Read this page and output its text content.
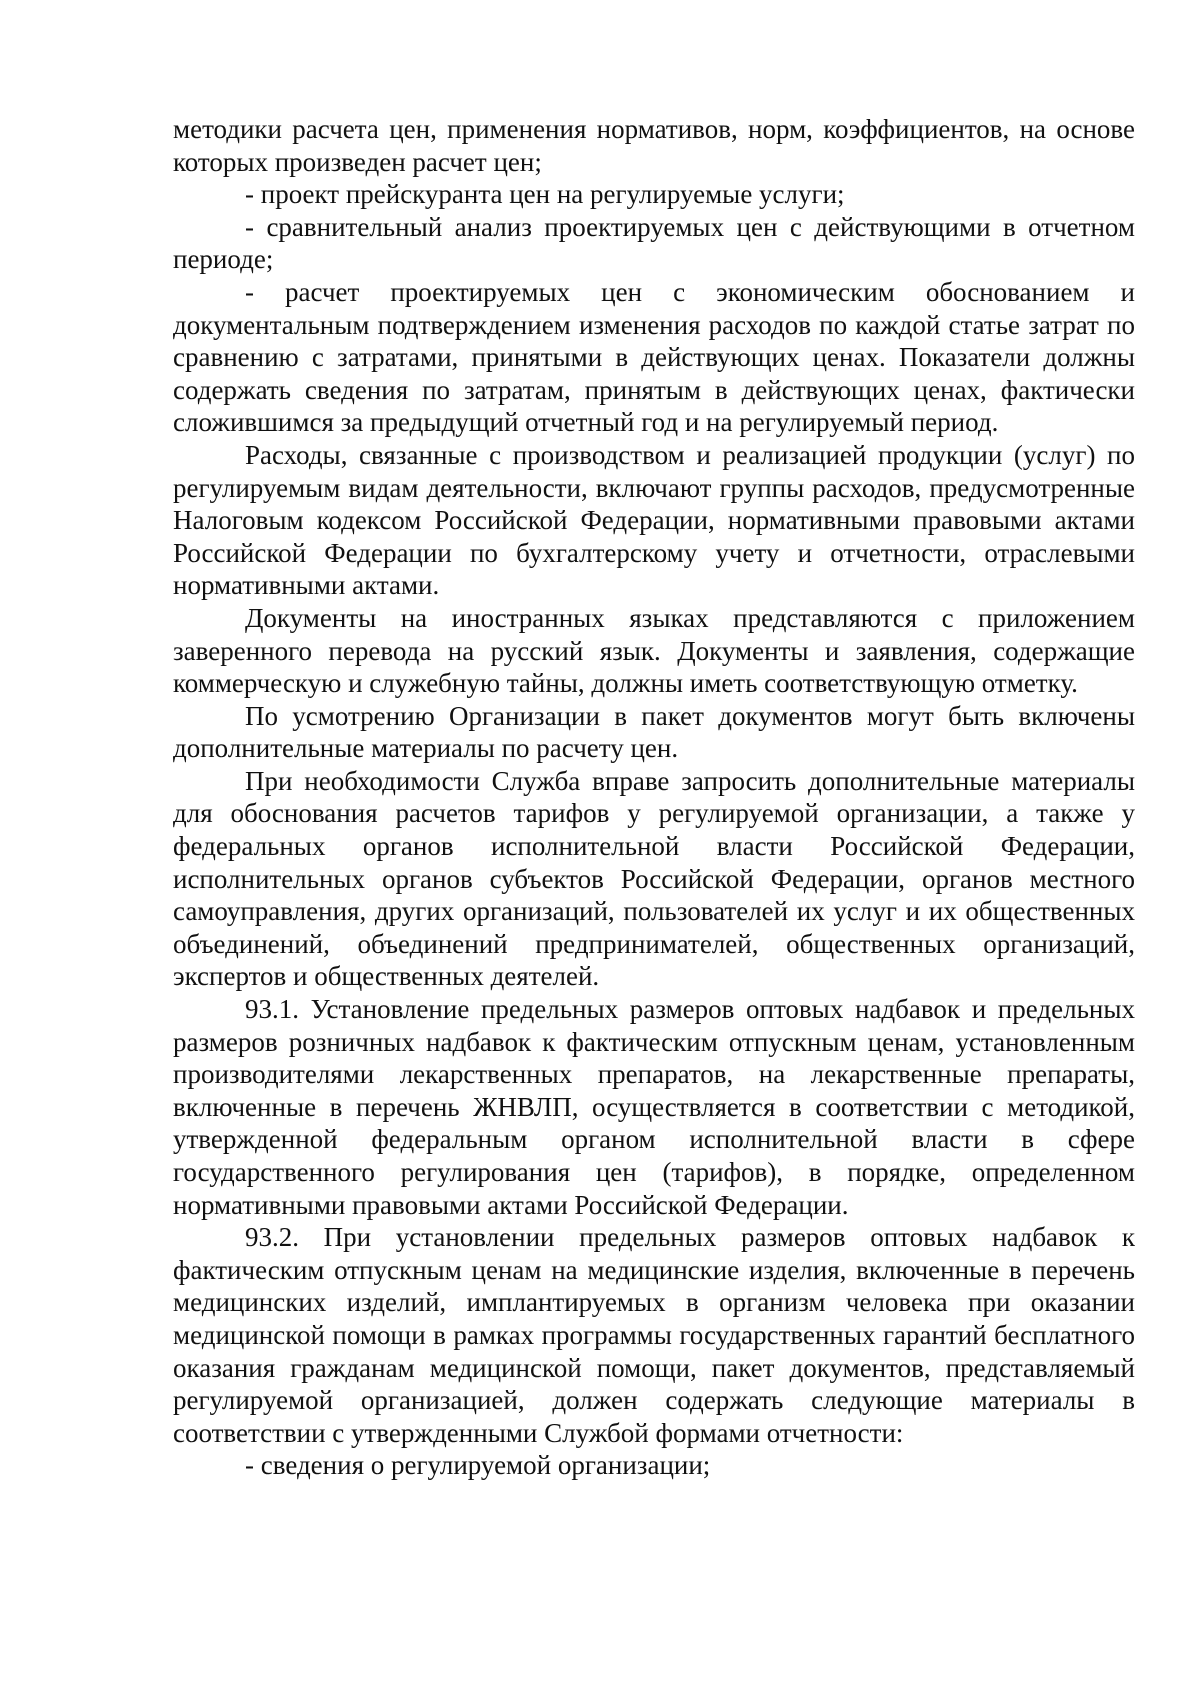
методики расчета цен, применения нормативов, норм, коэффициентов, на основе которых произведен расчет цен;

- проект прейскуранта цен на регулируемые услуги;

- сравнительный анализ проектируемых цен с действующими в отчетном периоде;

- расчет проектируемых цен с экономическим обоснованием и документальным подтверждением изменения расходов по каждой статье затрат по сравнению с затратами, принятыми в действующих ценах. Показатели должны содержать сведения по затратам, принятым в действующих ценах, фактически сложившимся за предыдущий отчетный год и на регулируемый период.

Расходы, связанные с производством и реализацией продукции (услуг) по регулируемым видам деятельности, включают группы расходов, предусмотренные Налоговым кодексом Российской Федерации, нормативными правовыми актами Российской Федерации по бухгалтерскому учету и отчетности, отраслевыми нормативными актами.

Документы на иностранных языках представляются с приложением заверенного перевода на русский язык. Документы и заявления, содержащие коммерческую и служебную тайны, должны иметь соответствующую отметку.

По усмотрению Организации в пакет документов могут быть включены дополнительные материалы по расчету цен.

При необходимости Служба вправе запросить дополнительные материалы для обоснования расчетов тарифов у регулируемой организации, а также у федеральных органов исполнительной власти Российской Федерации, исполнительных органов субъектов Российской Федерации, органов местного самоуправления, других организаций, пользователей их услуг и их общественных объединений, объединений предпринимателей, общественных организаций, экспертов и общественных деятелей.

93.1. Установление предельных размеров оптовых надбавок и предельных размеров розничных надбавок к фактическим отпускным ценам, установленным производителями лекарственных препаратов, на лекарственные препараты, включенные в перечень ЖНВЛП, осуществляется в соответствии с методикой, утвержденной федеральным органом исполнительной власти в сфере государственного регулирования цен (тарифов), в порядке, определенном нормативными правовыми актами Российской Федерации.

93.2. При установлении предельных размеров оптовых надбавок к фактическим отпускным ценам на медицинские изделия, включенные в перечень медицинских изделий, имплантируемых в организм человека при оказании медицинской помощи в рамках программы государственных гарантий бесплатного оказания гражданам медицинской помощи, пакет документов, представляемый регулируемой организацией, должен содержать следующие материалы в соответствии с утвержденными Службой формами отчетности:

- сведения о регулируемой организации;
